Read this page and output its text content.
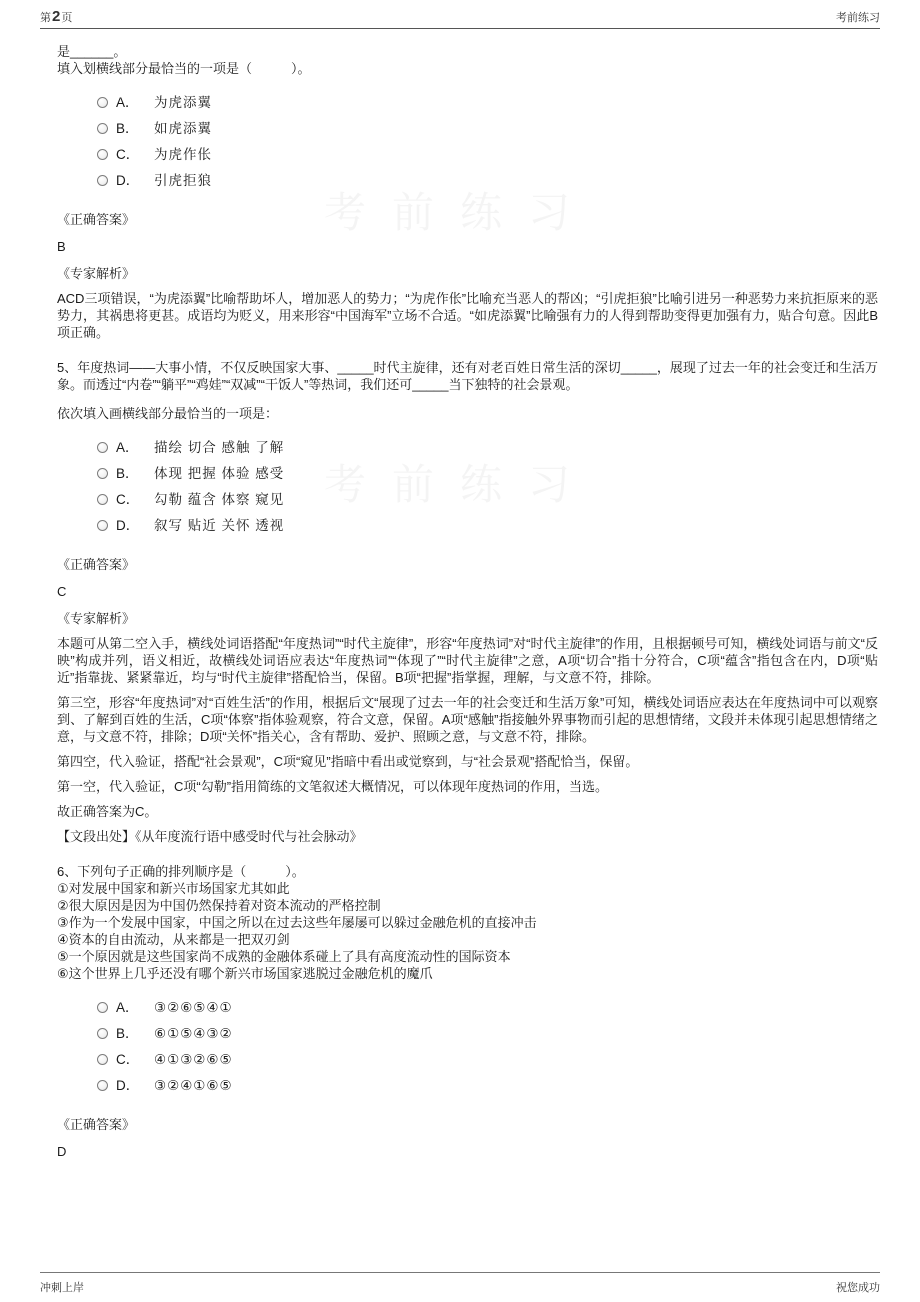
第2页	考前练习
考前练习
考前练习

是______。

填入划横线部分最恰当的一项是（　　　）。

A．	为虎添翼
B．	如虎添翼
C．	为虎作伥
D．	引虎拒狼

《正确答案》

B

《专家解析》

ACD三项错误，“为虎添翼”比喻帮助坏人，增加恶人的势力；“为虎作伥”比喻充当恶人的帮凶；“引虎拒狼”比喻引进另一种恶势力来抗拒原来的恶势力，其祸患将更甚。成语均为贬义，用来形容“中国海军”立场不合适。“如虎添翼”比喻强有力的人得到帮助变得更加强有力，贴合句意。因此B项正确。

5、年度热词——大事小情，不仅反映国家大事、_____时代主旋律，还有对老百姓日常生活的深切_____，展现了过去一年的社会变迁和生活万象。而透过“内卷”“躺平”“鸡娃”“双减”“干饭人”等热词，我们还可_____当下独特的社会景观。

依次填入画横线部分最恰当的一项是：

A．	描绘 切合 感触 了解
B．	体现 把握 体验 感受
C．	勾勒 蕴含 体察 窥见
D．	叙写 贴近 关怀 透视

《正确答案》

C

《专家解析》

本题可从第二空入手，横线处词语搭配“年度热词”“时代主旋律”，形容“年度热词”对“时代主旋律”的作用，且根据顿号可知，横线处词语与前文“反映”构成并列，语义相近，故横线处词语应表达“年度热词”“体现了”“时代主旋律”之意，A项“切合”指十分符合，C项“蕴含”指包含在内，D项“贴近”指靠拢、紧紧靠近，均与“时代主旋律”搭配恰当，保留。B项“把握”指掌握，理解，与文意不符，排除。

第三空，形容“年度热词”对“百姓生活”的作用，根据后文“展现了过去一年的社会变迁和生活万象”可知，横线处词语应表达在年度热词中可以观察到、了解到百姓的生活，C项“体察”指体验观察，符合文意，保留。A项“感触”指接触外界事物而引起的思想情绪，文段并未体现引起思想情绪之意，与文意不符，排除；D项“关怀”指关心，含有帮助、爱护、照顾之意，与文意不符，排除。

第四空，代入验证，搭配“社会景观”，C项“窥见”指暗中看出或觉察到，与“社会景观”搭配恰当，保留。

第一空，代入验证，C项“勾勒”指用简练的文笔叙述大概情况，可以体现年度热词的作用，当选。

故正确答案为C。

【文段出处】《从年度流行语中感受时代与社会脉动》

6、下列句子正确的排列顺序是（　　　）。

①对发展中国家和新兴市场国家尤其如此

②很大原因是因为中国仍然保持着对资本流动的严格控制

③作为一个发展中国家，中国之所以在过去这些年屡屡可以躲过金融危机的直接冲击

④资本的自由流动，从来都是一把双刃剑

⑤一个原因就是这些国家尚不成熟的金融体系碰上了具有高度流动性的国际资本

⑥这个世界上几乎还没有哪个新兴市场国家逃脱过金融危机的魔爪

A．	③②⑥⑤④①
B．	⑥①⑤④③②
C．	④①③②⑥⑤
D．	③②④①⑥⑤

《正确答案》

D

冲刺上岸	祝您成功
